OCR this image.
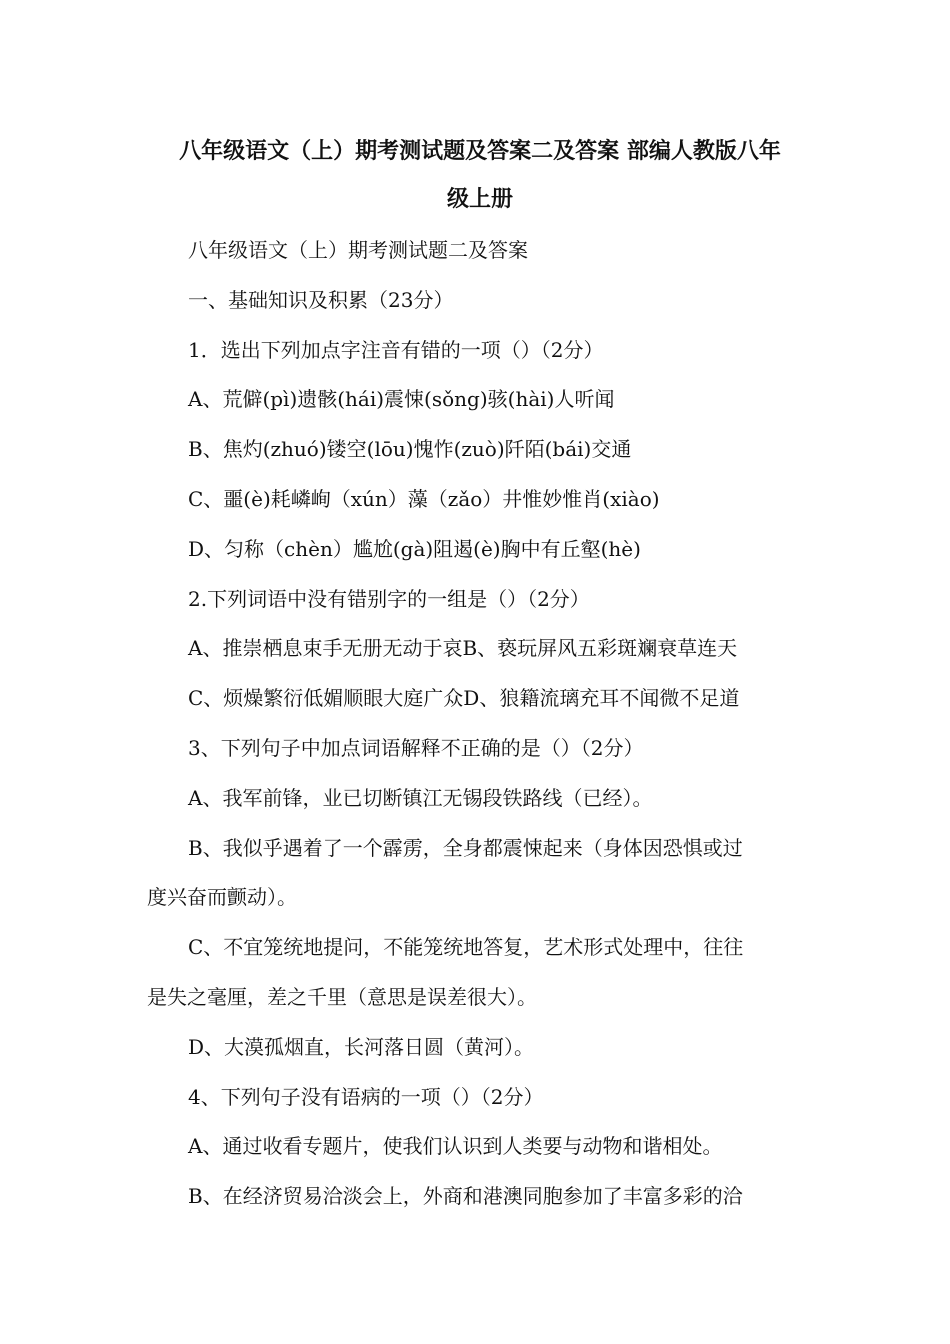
八年级语文（上）期考测试题及答案二及答案 部编人教版八年
级上册
八年级语文（上）期考测试题二及答案
一、基础知识及积累（23分）
1．选出下列加点字注音有错的一项（）（2分）
A、荒僻(pì)遗骸(hái)震悚(sǒng)骇(hài)人听闻
B、焦灼(zhuó)镂空(lōu)愧怍(zuò)阡陌(bái)交通
C、噩(è)耗嶙峋（xún）藻（zǎo）井惟妙惟肖(xiào)
D、匀称（chèn）尴尬(gà)阻遏(è)胸中有丘壑(hè)
2.下列词语中没有错别字的一组是（）（2分）
A、推崇栖息束手无册无动于哀B、亵玩屏风五彩斑斓衰草连天
C、烦燥繁衍低媚顺眼大庭广众D、狼籍流璃充耳不闻微不足道
3、下列句子中加点词语解释不正确的是（）（2分）
A、我军前锋，业已切断镇江无锡段铁路线（已经）。
B、我似乎遇着了一个霹雳，全身都震悚起来（身体因恐惧或过
度兴奋而颤动）。
C、不宜笼统地提问，不能笼统地答复，艺术形式处理中，往往
是失之毫厘，差之千里（意思是误差很大）。
D、大漠孤烟直，长河落日圆（黄河）。
4、下列句子没有语病的一项（）（2分）
A、通过收看专题片，使我们认识到人类要与动物和谐相处。
B、在经济贸易洽淡会上，外商和港澳同胞参加了丰富多彩的洽
